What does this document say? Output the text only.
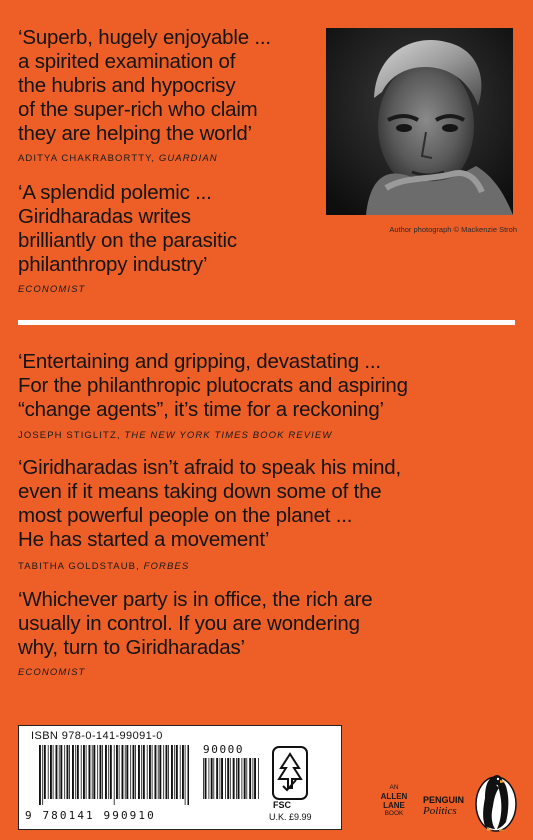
‘Superb, hugely enjoyable ...
a spirited examination of
the hubris and hypocrisy
of the super-rich who claim
they are helping the world’
ADITYA CHAKRABORTTY, GUARDIAN
‘A splendid polemic ...
Giridharadas writes
brilliantly on the parasitic
philanthropy industry’
ECONOMIST
Author photograph © Mackenzie Stroh
‘Entertaining and gripping, devastating ...
For the philanthropic plutocrats and aspiring
“change agents”, it’s time for a reckoning’
JOSEPH STIGLITZ, THE NEW YORK TIMES BOOK REVIEW
‘Giridharadas isn’t afraid to speak his mind,
even if it means taking down some of the
most powerful people on the planet ...
He has started a movement’
TABITHA GOLDSTAUB, FORBES
‘Whichever party is in office, the rich are
usually in control. If you are wondering
why, turn to Giridharadas’
ECONOMIST
ISBN 978-0-141-99091-0
90000
9 780141 990910
FSC
U.K. £9.99
AN
ALLEN
LANE
BOOK
PENGUIN
Politics
